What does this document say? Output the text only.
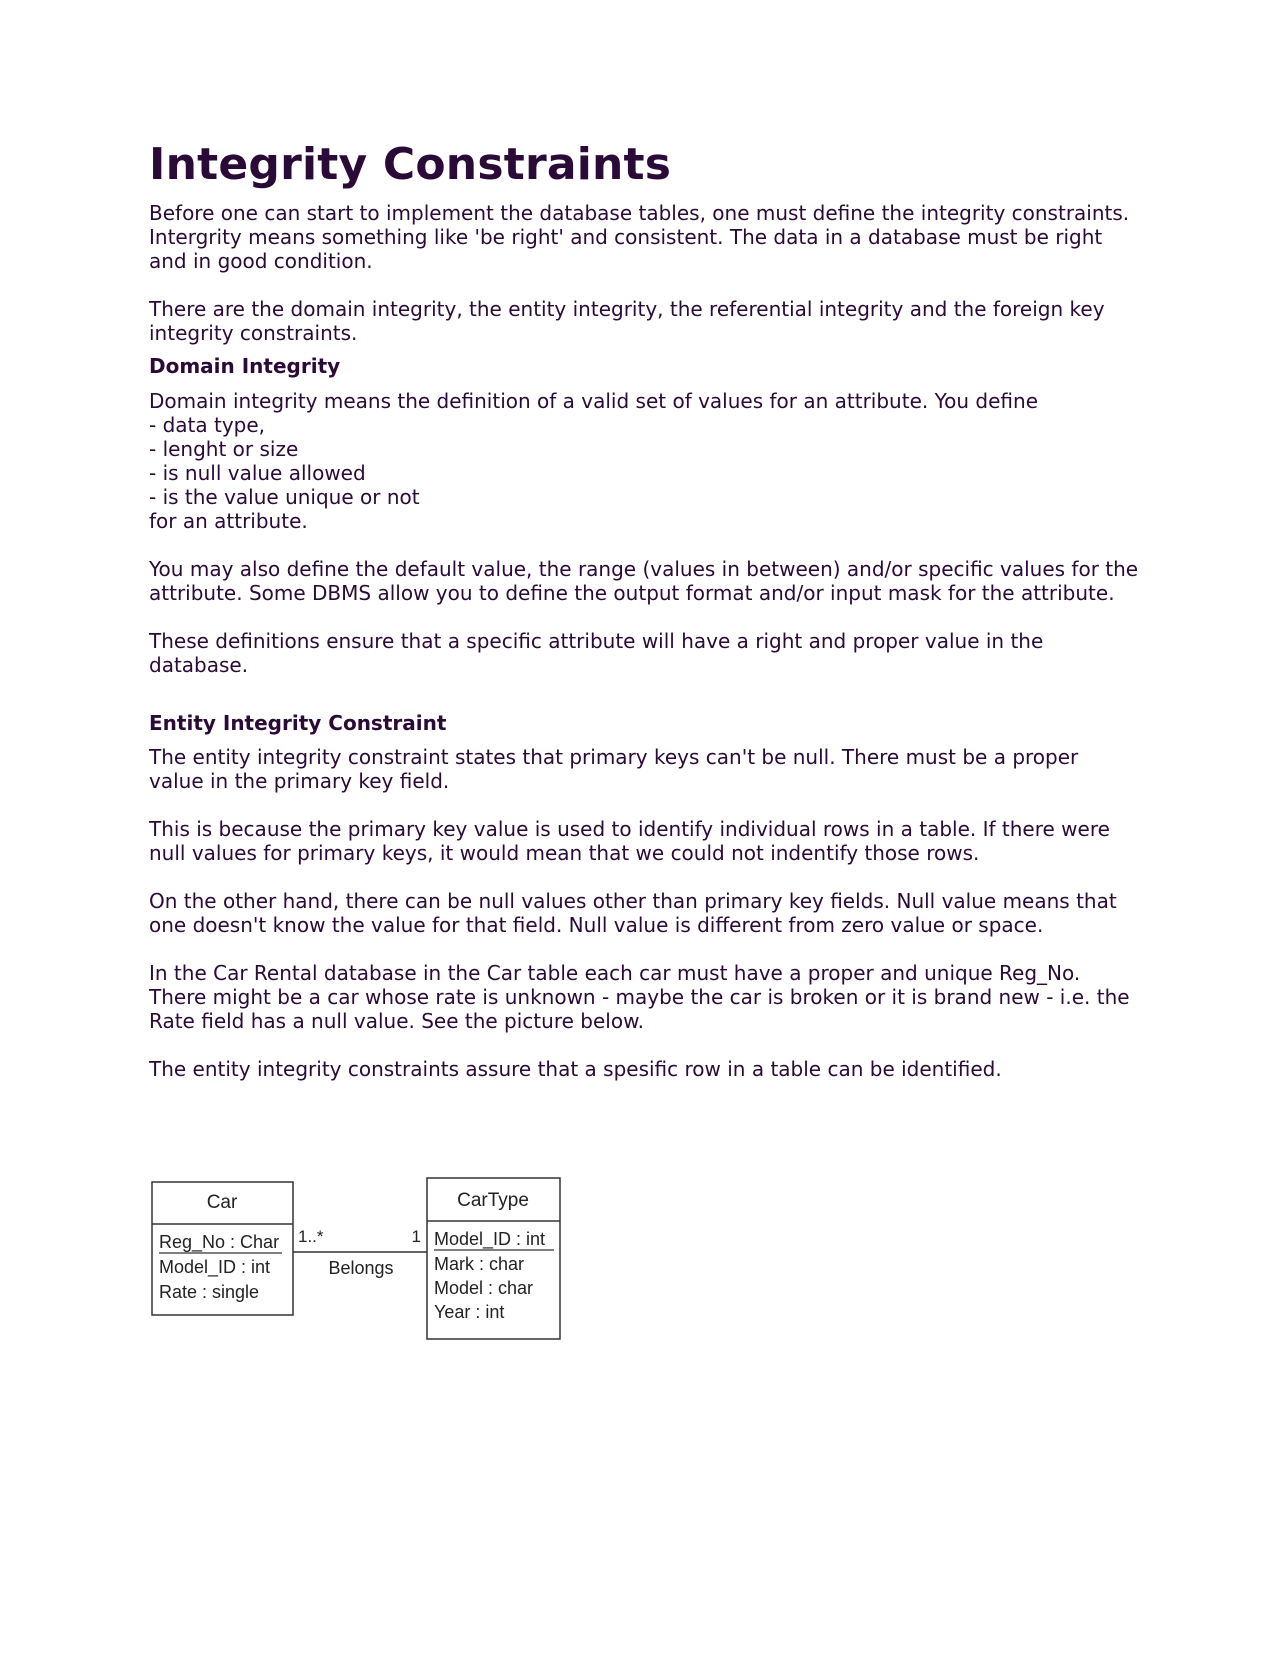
Integrity Constraints

Before one can start to implement the database tables, one must define the integrity constraints. Intergrity means something like 'be right' and consistent. The data in a database must be right and in good condition.

There are the domain integrity, the entity integrity, the referential integrity and the foreign key integrity constraints.

Domain Integrity

Domain integrity means the definition of a valid set of values for an attribute. You define

- data type,
- lenght or size
- is null value allowed
- is the value unique or not

for an attribute.

You may also define the default value, the range (values in between) and/or specific values for the attribute. Some DBMS allow you to define the output format and/or input mask for the attribute.

These definitions ensure that a specific attribute will have a right and proper value in the database.

Entity Integrity Constraint

The entity integrity constraint states that primary keys can't be null. There must be a proper value in the primary key field.

This is because the primary key value is used to identify individual rows in a table. If there were null values for primary keys, it would mean that we could not indentify those rows.

On the other hand, there can be null values other than primary key fields. Null value means that one doesn't know the value for that field. Null value is different from zero value or space.

In the Car Rental database in the Car table each car must have a proper and unique Reg_No. There might be a car whose rate is unknown - maybe the car is broken or it is brand new - i.e. the Rate field has a null value. See the picture below.

The entity integrity constraints assure that a spesific row in a table can be identified.

Car
Reg_No : Char
Model_ID : int
Rate : single
1..*	1
Belongs
CarType
Model_ID : int
Mark : char
Model : char
Year : int
